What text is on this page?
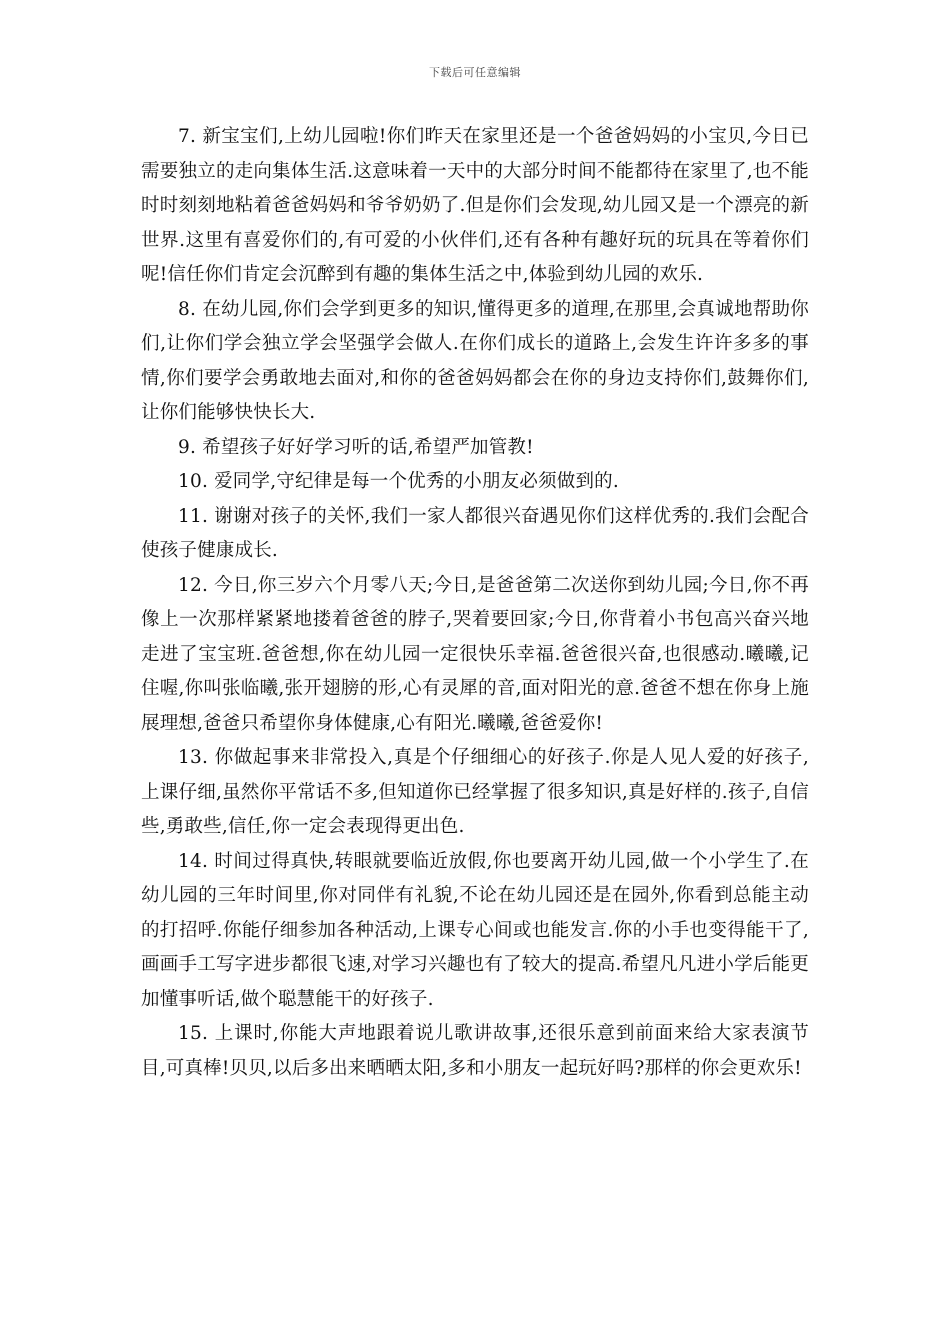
下载后可任意编辑

7. 新宝宝们,上幼儿园啦!你们昨天在家里还是一个爸爸妈妈的小宝贝,今日已需要独立的走向集体生活.这意味着一天中的大部分时间不能都待在家里了,也不能时时刻刻地粘着爸爸妈妈和爷爷奶奶了.但是你们会发现,幼儿园又是一个漂亮的新世界.这里有喜爱你们的,有可爱的小伙伴们,还有各种有趣好玩的玩具在等着你们呢!信任你们肯定会沉醉到有趣的集体生活之中,体验到幼儿园的欢乐.

8. 在幼儿园,你们会学到更多的知识,懂得更多的道理,在那里,会真诚地帮助你们,让你们学会独立学会坚强学会做人.在你们成长的道路上,会发生许许多多的事情,你们要学会勇敢地去面对,和你的爸爸妈妈都会在你的身边支持你们,鼓舞你们,让你们能够快快长大.

9. 希望孩子好好学习听的话,希望严加管教!

10. 爱同学,守纪律是每一个优秀的小朋友必须做到的.

11. 谢谢对孩子的关怀,我们一家人都很兴奋遇见你们这样优秀的.我们会配合使孩子健康成长.

12. 今日,你三岁六个月零八天;今日,是爸爸第二次送你到幼儿园;今日,你不再像上一次那样紧紧地搂着爸爸的脖子,哭着要回家;今日,你背着小书包高兴奋兴地走进了宝宝班.爸爸想,你在幼儿园一定很快乐幸福.爸爸很兴奋,也很感动.曦曦,记住喔,你叫张临曦,张开翅膀的形,心有灵犀的音,面对阳光的意.爸爸不想在你身上施展理想,爸爸只希望你身体健康,心有阳光.曦曦,爸爸爱你!

13. 你做起事来非常投入,真是个仔细细心的好孩子.你是人见人爱的好孩子,上课仔细,虽然你平常话不多,但知道你已经掌握了很多知识,真是好样的.孩子,自信些,勇敢些,信任,你一定会表现得更出色.

14. 时间过得真快,转眼就要临近放假,你也要离开幼儿园,做一个小学生了.在幼儿园的三年时间里,你对同伴有礼貌,不论在幼儿园还是在园外,你看到总能主动的打招呼.你能仔细参加各种活动,上课专心间或也能发言.你的小手也变得能干了,画画手工写字进步都很飞速,对学习兴趣也有了较大的提高.希望凡凡进小学后能更加懂事听话,做个聪慧能干的好孩子.

15. 上课时,你能大声地跟着说儿歌讲故事,还很乐意到前面来给大家表演节目,可真棒!贝贝,以后多出来晒晒太阳,多和小朋友一起玩好吗?那样的你会更欢乐!
